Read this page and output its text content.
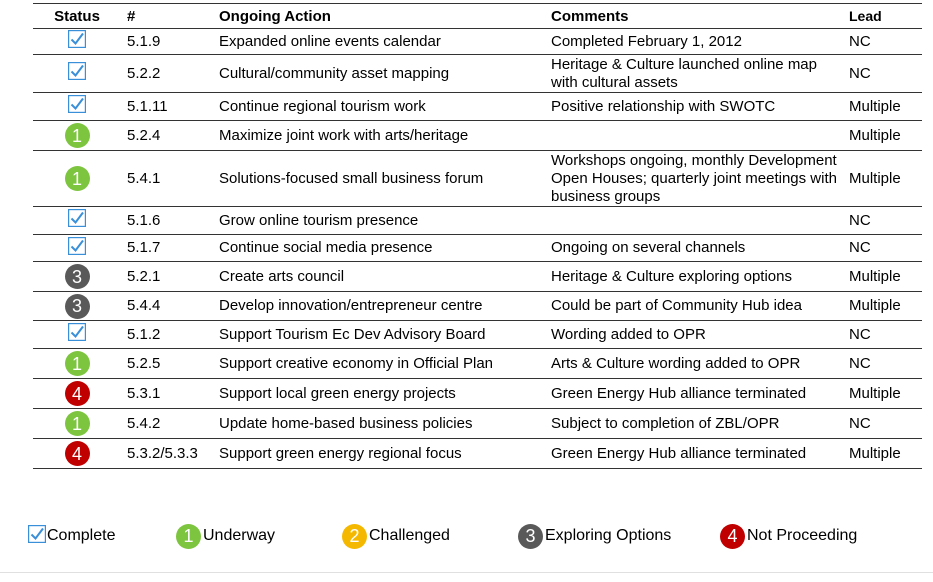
Status	#	Ongoing Action	Comments	Lead
	5.1.9	Expanded online events calendar	Completed February 1, 2012	NC
	5.2.2	Cultural/community asset mapping	Heritage & Culture launched online map with cultural assets	NC
	5.1.11	Continue regional tourism work	Positive relationship with SWOTC	Multiple
1	5.2.4	Maximize joint work with arts/heritage		Multiple
1	5.4.1	Solutions-focused small business forum	Workshops ongoing, monthly Development Open Houses; quarterly joint meetings with business groups	Multiple
	5.1.6	Grow online tourism presence		NC
	5.1.7	Continue social media presence	Ongoing on several channels	NC
3	5.2.1	Create arts council	Heritage & Culture exploring options	Multiple
3	5.4.4	Develop innovation/entrepreneur centre	Could be part of Community Hub idea	Multiple
	5.1.2	Support Tourism Ec Dev Advisory Board	Wording added to OPR	NC
1	5.2.5	Support creative economy in Official Plan	Arts & Culture wording added to OPR	NC
4	5.3.1	Support local green energy projects	Green Energy Hub alliance terminated	Multiple
1	5.4.2	Update home-based business policies	Subject to completion of ZBL/OPR	NC
4	5.3.2/5.3.3	Support green energy regional focus	Green Energy Hub alliance terminated	Multiple
Complete	1 Underway	2 Challenged	3 Exploring Options	4 Not Proceeding
